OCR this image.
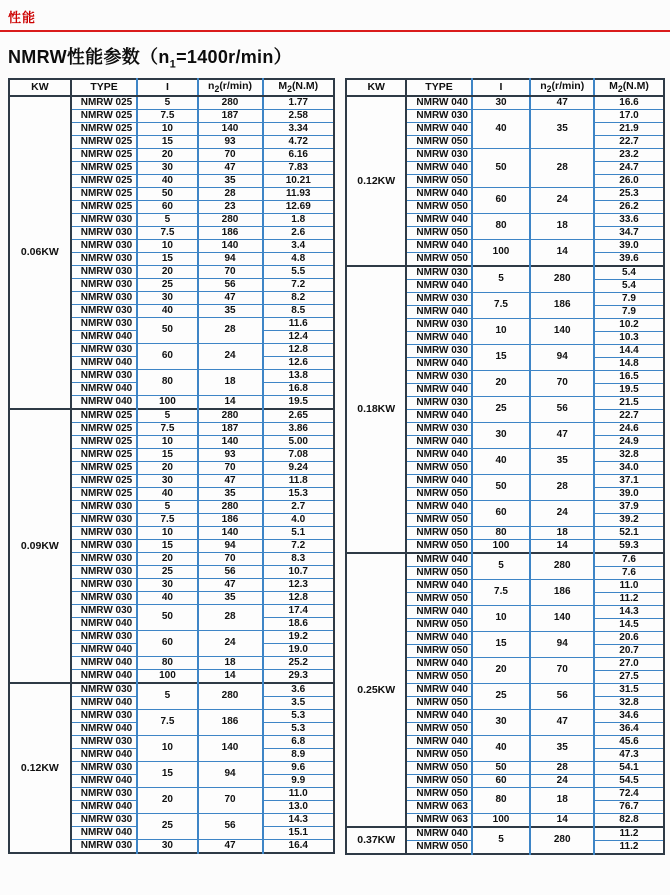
性能
NMRW性能参数$(n_1=1400r/\min)$
KW	TYPE	I	$n_2(r/\min)$	$M_2(N.M)$
0.06KW	NMRW 025	5	280	1.77
	NMRW 025	7.5	187	2.58
	NMRW 025	10	140	3.34
	NMRW 025	15	93	4.72
	NMRW 025	20	70	6.16
	NMRW 025	30	47	7.83
	NMRW 025	40	35	10.21
	NMRW 025	50	28	11.93
	NMRW 025	60	23	12.69
	NMRW 030	5	280	1.8
	NMRW 030	7.5	186	2.6
	NMRW 030	10	140	3.4
	NMRW 030	15	94	4.8
	NMRW 030	20	70	5.5
	NMRW 030	25	56	7.2
	NMRW 030	30	47	8.2
	NMRW 030	40	35	8.5
	NMRW 030	50	28	11.6
	NMRW 040			12.4
	NMRW 030	60	24	12.8
	NMRW 040			12.6
	NMRW 030	80	18	13.8
	NMRW 040			16.8
	NMRW 040	100	14	19.5
0.09KW	NMRW 025	5	280	2.65
	NMRW 025	7.5	187	3.86
	NMRW 025	10	140	5.00
	NMRW 025	15	93	7.08
	NMRW 025	20	70	9.24
	NMRW 025	30	47	11.8
	NMRW 025	40	35	15.3
	NMRW 030	5	280	2.7
	NMRW 030	7.5	186	4.0
	NMRW 030	10	140	5.1
	NMRW 030	15	94	7.2
	NMRW 030	20	70	8.3
	NMRW 030	25	56	10.7
	NMRW 030	30	47	12.3
	NMRW 030	40	35	12.8
	NMRW 030	50	28	17.4
	NMRW 040			18.6
	NMRW 030	60	24	19.2
	NMRW 040			19.0
	NMRW 040	80	18	25.2
	NMRW 040	100	14	29.3
0.12KW	NMRW 030	5	280	3.6
	NMRW 040			3.5
	NMRW 030	7.5	186	5.3
	NMRW 040			5.3
	NMRW 030	10	140	6.8
	NMRW 040			8.9
	NMRW 030	15	94	9.6
	NMRW 040			9.9
	NMRW 030	20	70	11.0
	NMRW 040			13.0
	NMRW 030	25	56	14.3
	NMRW 040			15.1
	NMRW 030	30	47	16.4
KW	TYPE	I	$n_2(r/\min)$	$M_2(N.M)$
0.12KW	NMRW 040	30	47	16.6
	NMRW 030	40	35	17.0
	NMRW 040			21.9
	NMRW 050			22.7
	NMRW 030	50	28	23.2
	NMRW 040			24.7
	NMRW 050			26.0
	NMRW 040	60	24	25.3
	NMRW 050			26.2
	NMRW 040	80	18	33.6
	NMRW 050			34.7
	NMRW 040	100	14	39.0
	NMRW 050			39.6
0.18KW	NMRW 030	5	280	5.4
	NMRW 040			5.4
	NMRW 030	7.5	186	7.9
	NMRW 040			7.9
	NMRW 030	10	140	10.2
	NMRW 040			10.3
	NMRW 030	15	94	14.4
	NMRW 040			14.8
	NMRW 030	20	70	16.5
	NMRW 040			19.5
	NMRW 030	25	56	21.5
	NMRW 040			22.7
	NMRW 030	30	47	24.6
	NMRW 040			24.9
	NMRW 040	40	35	32.8
	NMRW 050			34.0
	NMRW 040	50	28	37.1
	NMRW 050			39.0
	NMRW 040	60	24	37.9
	NMRW 050			39.2
	NMRW 050	80	18	52.1
	NMRW 050	100	14	59.3
0.25KW	NMRW 040	5	280	7.6
	NMRW 050			7.6
	NMRW 040	7.5	186	11.0
	NMRW 050			11.2
	NMRW 040	10	140	14.3
	NMRW 050			14.5
	NMRW 040	15	94	20.6
	NMRW 050			20.7
	NMRW 040	20	70	27.0
	NMRW 050			27.5
	NMRW 040	25	56	31.5
	NMRW 050			32.8
	NMRW 040	30	47	34.6
	NMRW 050			36.4
	NMRW 040	40	35	45.6
	NMRW 050			47.3
	NMRW 050	50	28	54.1
	NMRW 050	60	24	54.5
	NMRW 050	80	18	72.4
	NMRW 063			76.7
	NMRW 063	100	14	82.8
0.37KW	NMRW 040	5	280	11.2
	NMRW 050			11.2
